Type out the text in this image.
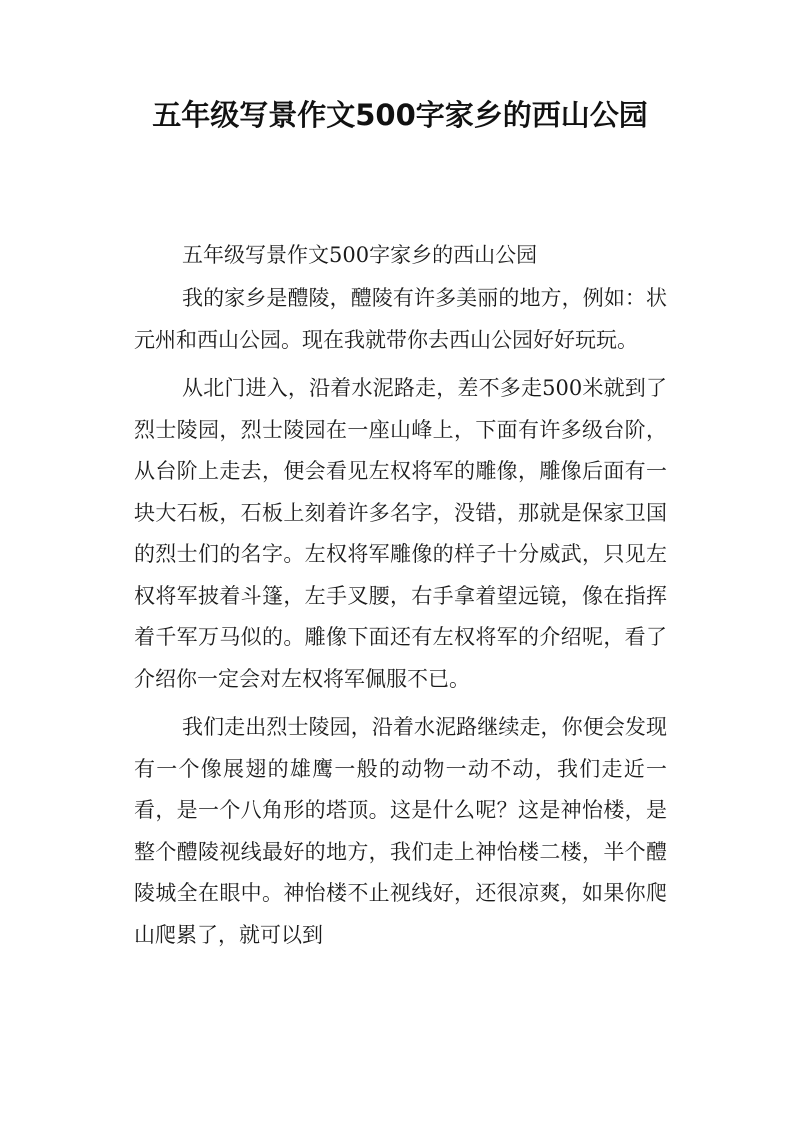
五年级写景作文500字家乡的西山公园

五年级写景作文500字家乡的西山公园

我的家乡是醴陵，醴陵有许多美丽的地方，例如：状元州和西山公园。现在我就带你去西山公园好好玩玩。

从北门进入，沿着水泥路走，差不多走500米就到了烈士陵园，烈士陵园在一座山峰上，下面有许多级台阶，从台阶上走去，便会看见左权将军的雕像，雕像后面有一块大石板，石板上刻着许多名字，没错，那就是保家卫国的烈士们的名字。左权将军雕像的样子十分威武，只见左权将军披着斗篷，左手叉腰，右手拿着望远镜，像在指挥着千军万马似的。雕像下面还有左权将军的介绍呢，看了介绍你一定会对左权将军佩服不已。

我们走出烈士陵园，沿着水泥路继续走，你便会发现有一个像展翅的雄鹰一般的动物一动不动，我们走近一看，是一个八角形的塔顶。这是什么呢？这是神怡楼，是整个醴陵视线最好的地方，我们走上神怡楼二楼，半个醴陵城全在眼中。神怡楼不止视线好，还很凉爽，如果你爬山爬累了，就可以到
